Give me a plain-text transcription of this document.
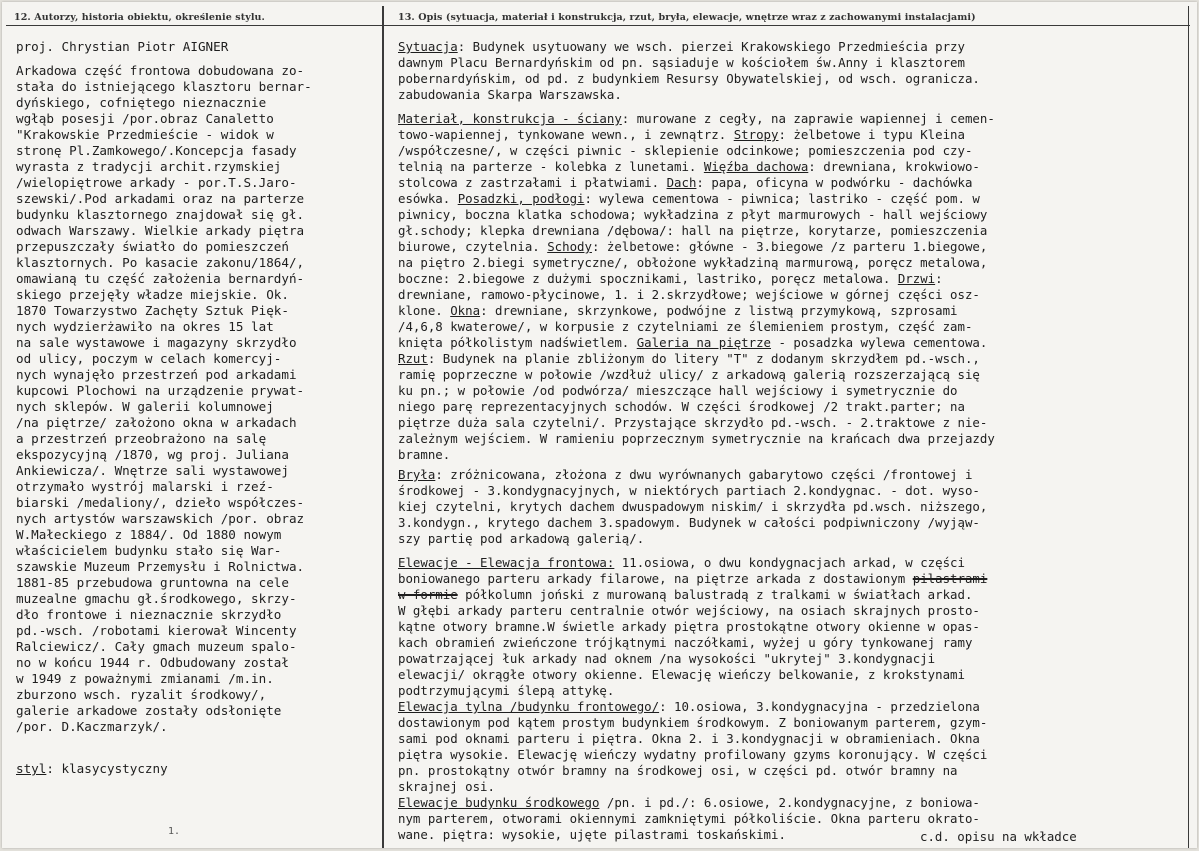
12. Autorzy, historia obiektu, określenie stylu.	13. Opis (sytuacja, materiał i konstrukcja, rzut, bryła, elewacje, wnętrze wraz z zachowanymi instalacjami)
proj. Chrystian Piotr AIGNER
Arkadowa część frontowa dobudowana zo-
stała do istniejącego klasztoru bernar-
dyńskiego, cofniętego nieznacznie
wgłąb posesji /por.obraz Canaletto
"Krakowskie Przedmieście - widok w
stronę Pl.Zamkowego/.Koncepcja fasady
wyrasta z tradycji archit.rzymskiej
/wielopiętrowe arkady - por.T.S.Jaro-
szewski/.Pod arkadami oraz na parterze
budynku klasztornego znajdował się gł.
odwach Warszawy. Wielkie arkady piętra
przepuszczały światło do pomieszczeń
klasztornych. Po kasacie zakonu/1864/,
omawianą tu część założenia bernardyń-
skiego przejęły władze miejskie. Ok.
1870 Towarzystwo Zachęty Sztuk Pięk-
nych wydzierżawiło na okres 15 lat
na sale wystawowe i magazyny skrzydło
od ulicy, poczym w celach komercyj-
nych wynajęło przestrzeń pod arkadami
kupcowi Plochowi na urządzenie prywat-
nych sklepów. W galerii kolumnowej
/na piętrze/ założono okna w arkadach
a przestrzeń przeobrażono na salę
ekspozycyjną /1870, wg proj. Juliana
Ankiewicza/. Wnętrze sali wystawowej
otrzymało wystrój malarski i rzeź-
biarski /medaliony/, dzieło współczes-
nych artystów warszawskich /por. obraz
W.Małeckiego z 1884/. Od 1880 nowym
właścicielem budynku stało się War-
szawskie Muzeum Przemysłu i Rolnictwa.
1881-85 przebudowa gruntowna na cele
muzealne gmachu gł.środkowego, skrzy-
dło frontowe i nieznacznie skrzydło
pd.-wsch. /robotami kierował Wincenty
Ralciewicz/. Cały gmach muzeum spalo-
no w końcu 1944 r. Odbudowany został
w 1949 z poważnymi zmianami /m.in.
zburzono wsch. ryzalit środkowy/,
galerie arkadowe zostały odsłonięte
/por. D.Kaczmarzyk/.
styl: klasycystyczny
1.
Sytuacja: Budynek usytuowany we wsch. pierzei Krakowskiego Przedmieścia przy
dawnym Placu Bernardyńskim od pn. sąsiaduje w kościołem św.Anny i klasztorem
pobernardyńskim, od pd. z budynkiem Resursy Obywatelskiej, od wsch. ogranicza.
zabudowania Skarpa Warszawska.
Materiał, konstrukcja - ściany: murowane z cegły, na zaprawie wapiennej i cemen-
towo-wapiennej, tynkowane wewn., i zewnątrz. Stropy: żelbetowe i typu Kleina
/współczesne/, w części piwnic - sklepienie odcinkowe; pomieszczenia pod czy-
telnią na parterze - kolebka z lunetami. Więźba dachowa: drewniana, krokwiowo-
stolcowa z zastrzałami i płatwiami. Dach: papa, oficyna w podwórku - dachówka
esówka. Posadzki, podłogi: wylewa cementowa - piwnica; lastriko - część pom. w
piwnicy, boczna klatka schodowa; wykładzina z płyt marmurowych - hall wejściowy
gł.schody; klepka drewniana /dębowa/: hall na piętrze, korytarze, pomieszczenia
biurowe, czytelnia. Schody: żelbetowe: główne - 3.biegowe /z parteru 1.biegowe,
na piętro 2.biegi symetryczne/, obłożone wykładziną marmurową, poręcz metalowa,
boczne: 2.biegowe z dużymi spocznikami, lastriko, poręcz metalowa. Drzwi:
drewniane, ramowo-płycinowe, 1. i 2.skrzydłowe; wejściowe w górnej części osz-
klone. Okna: drewniane, skrzynkowe, podwójne z listwą przymykową, szprosami
/4,6,8 kwaterowe/, w korpusie z czytelniami ze ślemieniem prostym, część zam-
knięta półkolistym nadświetlem. Galeria na piętrze - posadzka wylewa cementowa.
Rzut: Budynek na planie zbliżonym do litery "T" z dodanym skrzydłem pd.-wsch.,
ramię poprzeczne w połowie /wzdłuż ulicy/ z arkadową galerią rozszerzającą się
ku pn.; w połowie /od podwórza/ mieszczące hall wejściowy i symetrycznie do
niego parę reprezentacyjnych schodów. W części środkowej /2 trakt.parter; na
piętrze duża sala czytelni/. Przystające skrzydło pd.-wsch. - 2.traktowe z nie-
zależnym wejściem. W ramieniu poprzecznym symetrycznie na krańcach dwa przejazdy
bramne.
Bryła: zróżnicowana, złożona z dwu wyrównanych gabarytowo części /frontowej i
środkowej - 3.kondygnacyjnych, w niektórych partiach 2.kondygnac. - dot. wyso-
kiej czytelni, krytych dachem dwuspadowym niskim/ i skrzydła pd.wsch. niższego,
3.kondygn., krytego dachem 3.spadowym. Budynek w całości podpiwniczony /wyjąw-
szy partię pod arkadową galerią/.
Elewacje - Elewacja frontowa: 11.osiowa, o dwu kondygnacjach arkad, w części
boniowanego parteru arkady filarowe, na piętrze arkada z dostawionym pilastrami
w formie półkolumn joński z murowaną balustradą z tralkami w światłach arkad.
W głębi arkady parteru centralnie otwór wejściowy, na osiach skrajnych prosto-
kątne otwory bramne.W świetle arkady piętra prostokątne otwory okienne w opas-
kach obramień zwieńczone trójkątnymi naczółkami, wyżej u góry tynkowanej ramy
powatrzającej łuk arkady nad oknem /na wysokości "ukrytej" 3.kondygnacji
elewacji/ okrągłe otwory okienne. Elewację wieńczy belkowanie, z krokstynami
podtrzymującymi ślepą attykę.
Elewacja tylna /budynku frontowego/: 10.osiowa, 3.kondygnacyjna - przedzielona
dostawionym pod kątem prostym budynkiem środkowym. Z boniowanym parterem, gzym-
sami pod oknami parteru i piętra. Okna 2. i 3.kondygnacji w obramieniach. Okna
piętra wysokie. Elewację wieńczy wydatny profilowany gzyms koronujący. W części
pn. prostokątny otwór bramny na środkowej osi, w części pd. otwór bramny na
skrajnej osi.
Elewacje budynku środkowego /pn. i pd./: 6.osiowe, 2.kondygnacyjne, z boniowa-
nym parterem, otworami okiennymi zamkniętymi półkoliście. Okna parteru okrato-
wane. piętra: wysokie, ujęte pilastrami toskańskimi.	c.d. opisu na wkładce
